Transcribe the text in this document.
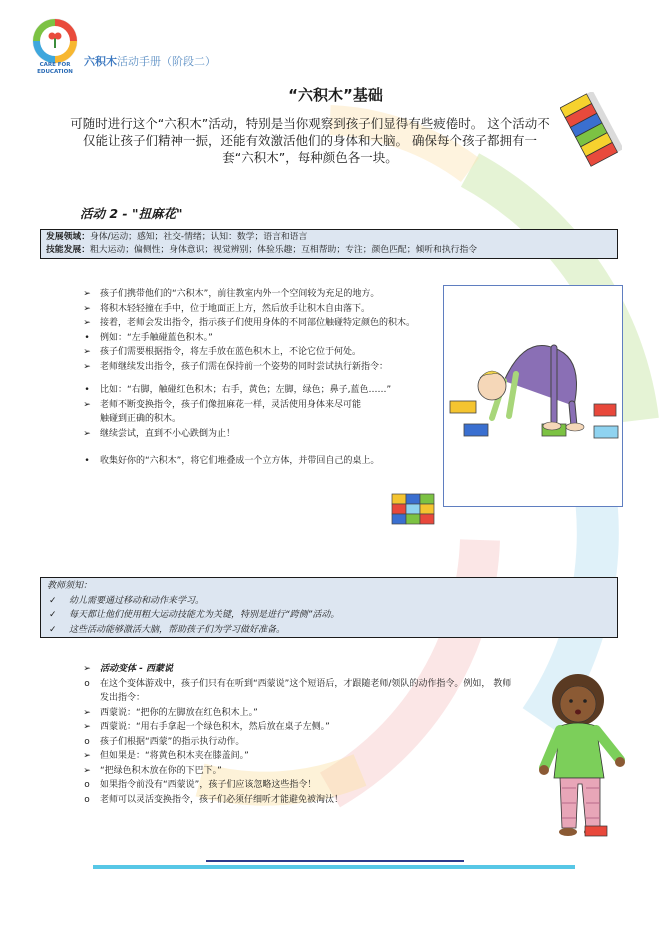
CARE FOR EDUCATION
六积木活动手册（阶段二）
“六积木”基础
可随时进行这个“六积木”活动，特别是当你观察到孩子们显得有些疲倦时。 这个活动不仅能让孩子们精神一振，还能有效激活他们的身体和大脑。 确保每个孩子都拥有一套“六积木”，每种颜色各一块。
活动 2 - "扭麻花"
发展领域：身体/运动；感知；社交-情绪；认知：数学；语言和语言
技能发展：粗大运动；偏侧性；身体意识；视觉辨别；体验乐趣；互相帮助；专注；颜色匹配；倾听和执行指令
➢	孩子们携带他们的“六积木”，前往教室内外一个空间较为充足的地方。
➢	将积木轻轻撞在手中，位于地面正上方，然后放手让积木自由落下。
➢	接着，老师会发出指令，指示孩子们使用身体的不同部位触碰特定颜色的积木。
•	例如：“左手触碰蓝色积木。”
➢	孩子们需要根据指令，将左手放在蓝色积木上，不论它位于何处。
➢	老师继续发出指令，孩子们需在保持前一个姿势的同时尝试执行新指令：
•	比如：“右脚，触碰红色积木；右手，黄色；左脚，绿色；鼻子,蓝色……”
➢	老师不断变换指令，孩子们像扭麻花一样，灵活使用身体来尽可能触碰到正确的积木。
➢	继续尝试，直到不小心跌倒为止！
•	收集好你的“六积木”，将它们堆叠成一个立方体，并带回自己的桌上。
教师须知：
✓ 幼儿需要通过移动和动作来学习。
✓ 每天都让他们使用粗大运动技能尤为关键，特别是进行“跨侧”活动。
✓ 这些活动能够激活大脑，帮助孩子们为学习做好准备。
➢	活动变体 - 西蒙说
o	在这个变体游戏中，孩子们只有在听到“西蒙说”这个短语后，才跟随老师/领队的动作指令。例如， 教师发出指令：
➢	西蒙说：“把你的左脚放在红色积木上。”
➢	西蒙说：“用右手拿起一个绿色积木，然后放在桌子左侧。”
o	孩子们根据“西蒙”的指示执行动作。
➢	但如果是：“将黄色积木夹在膝盖间。”
➢	“把绿色积木放在你的下巴下。”
o	如果指令前没有“西蒙说”，孩子们应该忽略这些指令！
o	老师可以灵活变换指令，孩子们必须仔细听才能避免被淘汰！
